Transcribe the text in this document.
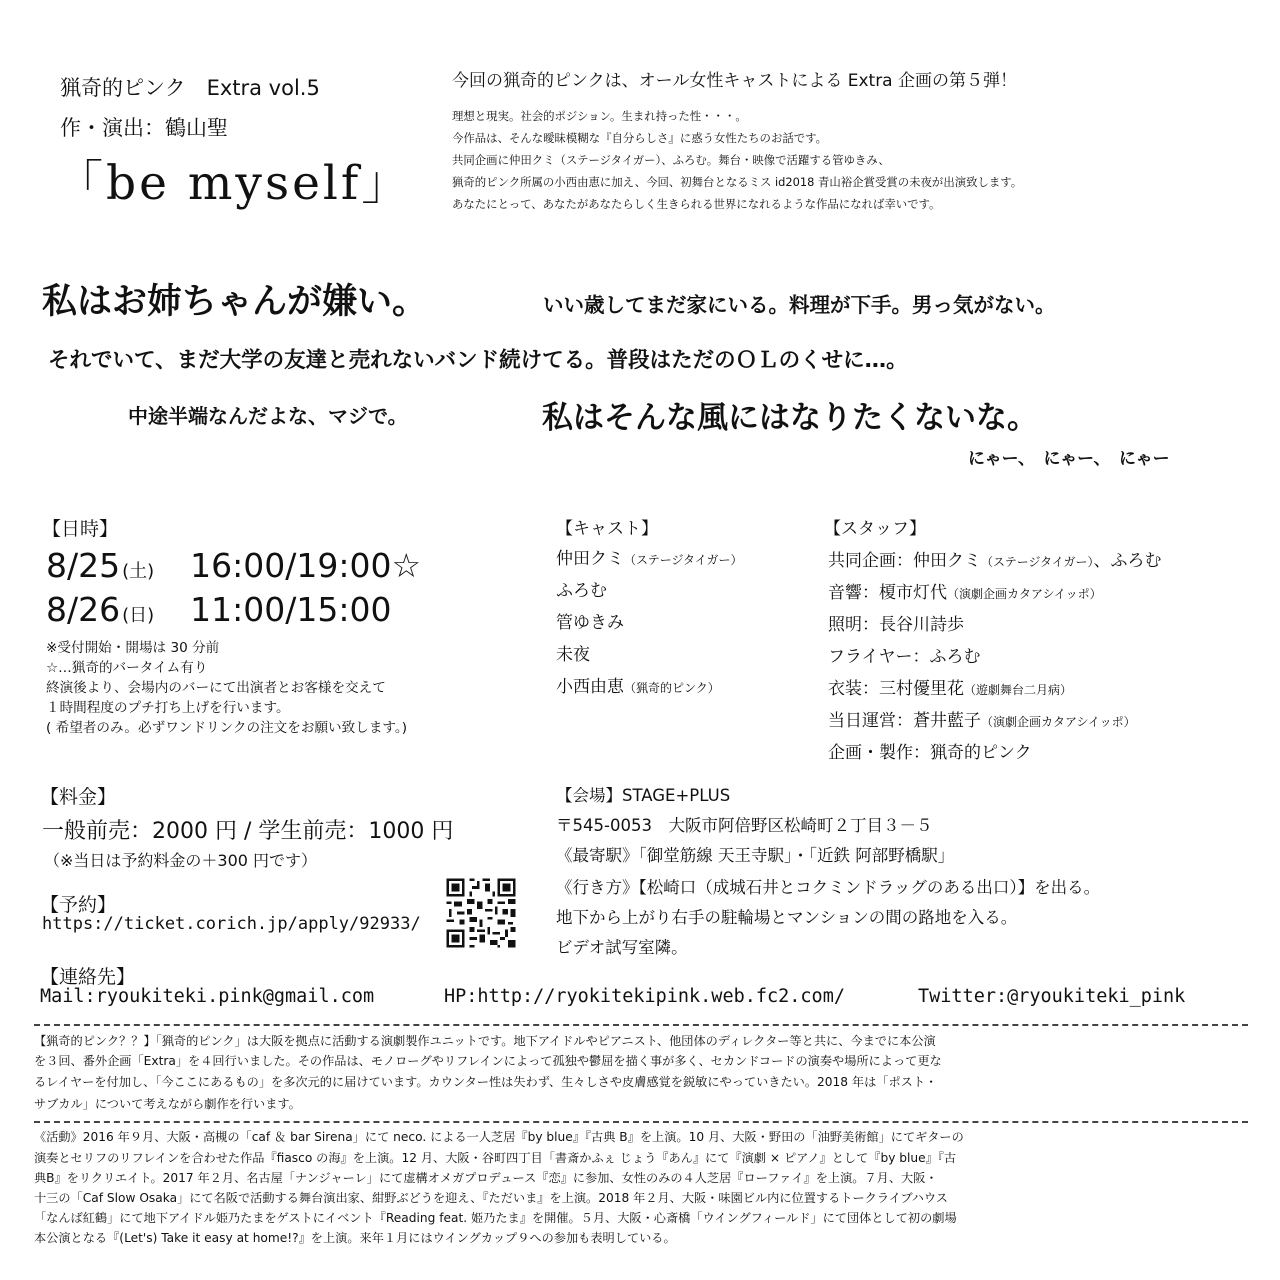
猟奇的ピンク　Extra vol.5
作・演出：鶴山聖
「be myself」
今回の猟奇的ピンクは、オール女性キャストによる Extra 企画の第５弾！
理想と現実。社会的ポジション。生まれ持った性・・・。
今作品は、そんな曖昧模糊な『自分らしさ』に惑う女性たちのお話です。
共同企画に仲田クミ（ステージタイガー）、ふろむ。舞台・映像で活躍する管ゆきみ、
猟奇的ピンク所属の小西由恵に加え、今回、初舞台となるミス id2018 青山裕企賞受賞の未夜が出演致します。
あなたにとって、あなたがあなたらしく生きられる世界になれるような作品になれば幸いです。
私はお姉ちゃんが嫌い。	いい歳してまだ家にいる。料理が下手。男っ気がない。
それでいて、まだ大学の友達と売れないバンド続けてる。普段はただのＯＬのくせに…。
中途半端なんだよな、マジで。	私はそんな風にはなりたくないな。
にゃー、　にゃー、　にゃー
【日時】
8/25 (土) 16:00/19:00☆
8/26 (日) 11:00/15:00
※受付開始・開場は 30 分前
☆…猟奇的バータイム有り
終演後より、会場内のバーにて出演者とお客様を交えて
１時間程度のプチ打ち上げを行います。
( 希望者のみ。必ずワンドリンクの注文をお願い致します。)
【キャスト】
仲田クミ（ステージタイガー）
ふろむ
管ゆきみ
未夜
小西由恵（猟奇的ピンク）
【スタッフ】
共同企画：仲田クミ（ステージタイガー）、ふろむ
音響：榎市灯代（演劇企画カタアシイッポ）
照明：長谷川詩歩
フライヤー：ふろむ
衣装：三村優里花（遊劇舞台二月病）
当日運営：蒼井藍子（演劇企画カタアシイッポ）
企画・製作：猟奇的ピンク
【料金】
一般前売：2000 円 / 学生前売：1000 円
（※当日は予約料金の＋300 円です）
【予約】
https://ticket.corich.jp/apply/92933/
【会場】STAGE+PLUS
〒545-0053　大阪市阿倍野区松崎町２丁目３－５
《最寄駅》「御堂筋線 天王寺駅」・「近鉄 阿部野橋駅」
《行き方》【松崎口（成城石井とコクミンドラッグのある出口）】を出る。
地下から上がり右手の駐輪場とマンションの間の路地を入る。
ビデオ試写室隣。
【連絡先】
Mail:ryoukiteki.pink@gmail.com	HP:http://ryokitekipink.web.fc2.com/	Twitter:@ryoukiteki_pink
【猟奇的ピンク？？】「猟奇的ピンク」は大阪を拠点に活動する演劇製作ユニットです。地下アイドルやピアニスト、他団体のディレクター等と共に、今までに本公演
を３回、番外企画「Extra」を４回行いました。その作品は、モノローグやリフレインによって孤独や鬱屈を描く事が多く、セカンドコードの演奏や場所によって更な
るレイヤーを付加し、「今ここにあるもの」を多次元的に届けています。カウンター性は失わず、生々しさや皮膚感覚を鋭敏にやっていきたい。2018 年は「ポスト・
サブカル」について考えながら劇作を行います。
《活動》2016 年９月、大阪・高槻の「caf ＆ bar Sirena」にて neco. による一人芝居『by blue』『古典 B』を上演。10 月、大阪・野田の「油野美術館」にてギターの
演奏とセリフのリフレインを合わせた作品『fiasco の海』を上演。12 月、大阪・谷町四丁目「書斎かふぇ じょう『あん』にて『演劇 × ピアノ』として『by blue』『古
典B』をリクリエイト。2017 年２月、名古屋「ナンジャーレ」にて虚構オメガプロデュース『恋』に参加、女性のみの４人芝居『ローファイ』を上演。７月、大阪・
十三の「Caf Slow Osaka」にて名阪で活動する舞台演出家、紺野ぶどうを迎え、『ただいま』を上演。2018 年２月、大阪・味園ビル内に位置するトークライブハウス
「なんば紅鶴」にて地下アイドル姫乃たまをゲストにイベント『Reading feat. 姫乃たま』を開催。５月、大阪・心斎橋「ウイングフィールド」にて団体として初の劇場
本公演となる『(Let's) Take it easy at home!?』を上演。来年１月にはウイングカップ９への参加も表明している。
